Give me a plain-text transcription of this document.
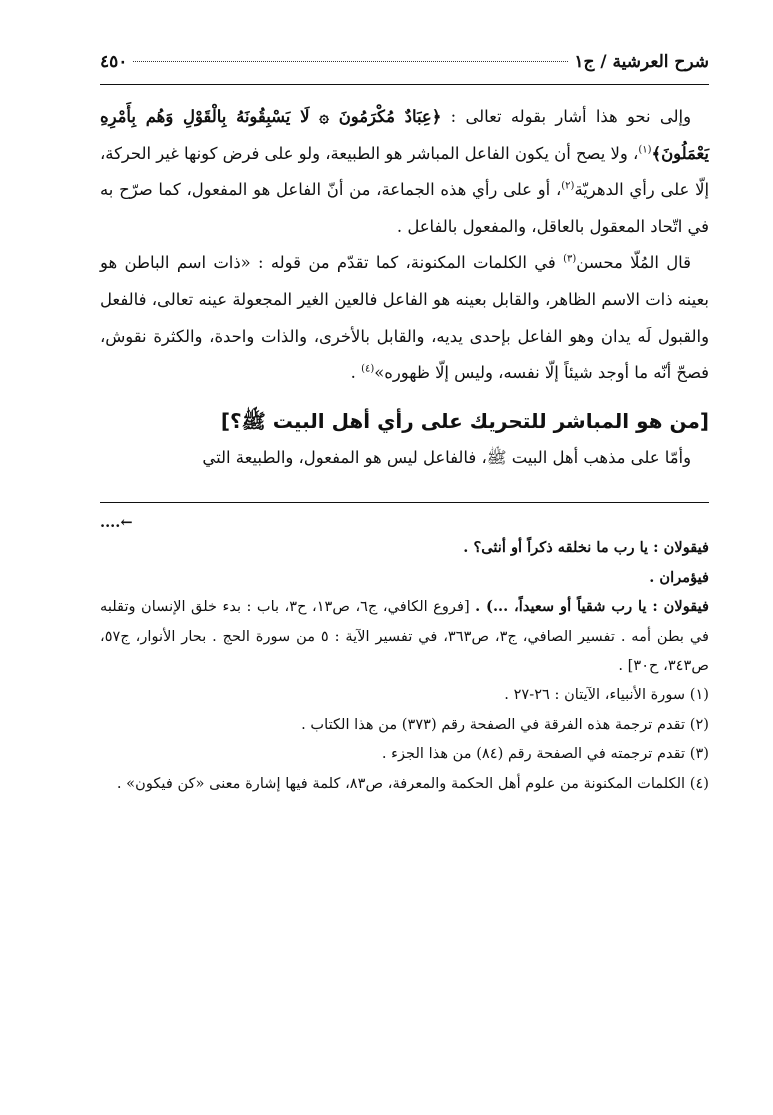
شرح العرشية / ج١
٤٥٠

وإلى نحو هذا أشار بقوله تعالى : ﴿عِبَادٌ مُكْرَمُونَ ۞ لَا يَسْبِقُونَهُ بِالْقَوْلِ وَهُم بِأَمْرِهِ يَعْمَلُونَ﴾$^{(١)}$، ولا يصح أن يكون الفاعل المباشر هو الطبيعة، ولو على فرض كونها غير الحركة، إلّا على رأي الدهريّة$^{(٢)}$، أو على رأي هذه الجماعة، من أنّ الفاعل هو المفعول، كما صرّح به في اتّحاد المعقول بالعاقل، والمفعول بالفاعل .

قال المُلّا محسن$^{(٣)}$ في الكلمات المكنونة، كما تقدّم من قوله : «ذات اسم الباطن هو بعينه ذات الاسم الظاهر، والقابل بعينه هو الفاعل فالعين الغير المجعولة عينه تعالى، فالفعل والقبول لَه يدان وهو الفاعل بإحدى يديه، والقابل بالأخرى، والذات واحدة، والكثرة نقوش، فصحّ أنّه ما أوجد شيئاً إلّا نفسه، وليس إلّا ظهوره»$^{(٤)}$ .

[من هو المباشر للتحريك على رأي أهل البيت ﷺ؟]

وأمّا على مذهب أهل البيت ﷺ، فالفاعل ليس هو المفعول، والطبيعة التي

←....
فيقولان : يا رب ما نخلقه ذكراً أو أنثى؟ .
فيؤمران .
فيقولان : يا رب شقياً أو سعيداً، ...) . [فروع الكافي، ج٦، ص١٣، ح٣، باب : بدء خلق الإنسان وتقلبه في بطن أمه . تفسير الصافي، ج٣، ص٣٦٣، في تفسير الآية : ٥ من سورة الحج . بحار الأنوار، ج٥٧، ص٣٤٣، ح٣٠] .
(١) سورة الأنبياء، الآيتان : ٢٦-٢٧ .
(٢) تقدم ترجمة هذه الفرقة في الصفحة رقم (٣٧٣) من هذا الكتاب .
(٣) تقدم ترجمته في الصفحة رقم (٨٤) من هذا الجزء .
(٤) الكلمات المكنونة من علوم أهل الحكمة والمعرفة، ص٨٣، كلمة فيها إشارة معنى «كن فيكون» .
